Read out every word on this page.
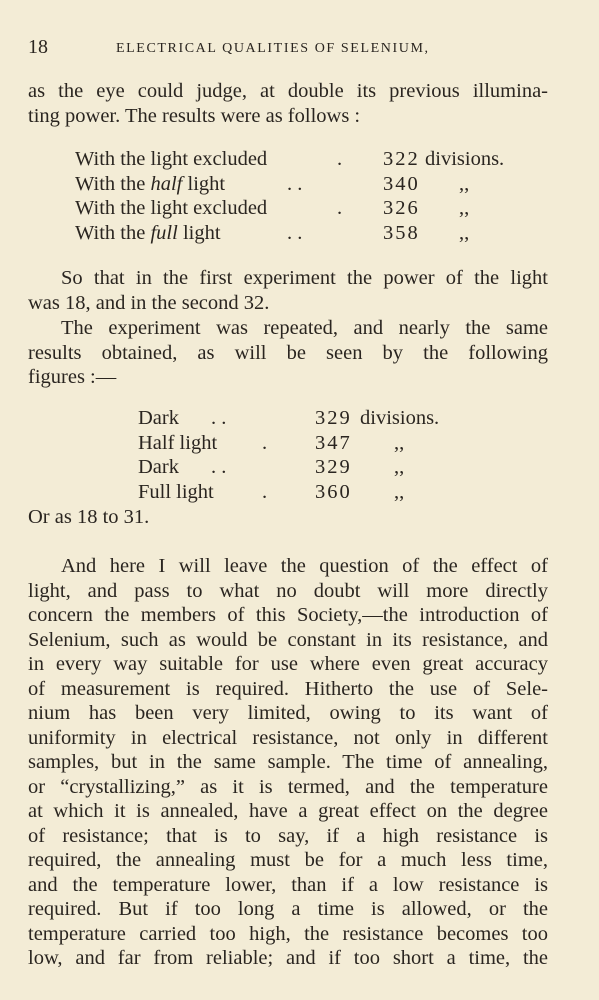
18	ELECTRICAL QUALITIES OF SELENIUM,
as the eye could judge, at double its previous illumina-
ting power. The results were as follows :
With the light excluded	. 322 divisions.
With the half light	. .	340 ,,
With the light excluded	. 326 ,,
With the full light	. .	358 ,,
So that in the first experiment the power of the light
was 18, and in the second 32.
The experiment was repeated, and nearly the same
results obtained, as will be seen by the following
figures :—
Dark . .	329 divisions.
Half light . 347 ,,
Dark . .	329 ,,
Full light . 360 ,,
Or as 18 to 31.
And here I will leave the question of the effect of
light, and pass to what no doubt will more directly
concern the members of this Society,—the introduction of
Selenium, such as would be constant in its resistance, and
in every way suitable for use where even great accuracy
of measurement is required. Hitherto the use of Sele-
nium has been very limited, owing to its want of
uniformity in electrical resistance, not only in different
samples, but in the same sample. The time of annealing,
or “crystallizing,” as it is termed, and the temperature
at which it is annealed, have a great effect on the degree
of resistance; that is to say, if a high resistance is
required, the annealing must be for a much less time,
and the temperature lower, than if a low resistance is
required. But if too long a time is allowed, or the
temperature carried too high, the resistance becomes too
low, and far from reliable; and if too short a time, the
